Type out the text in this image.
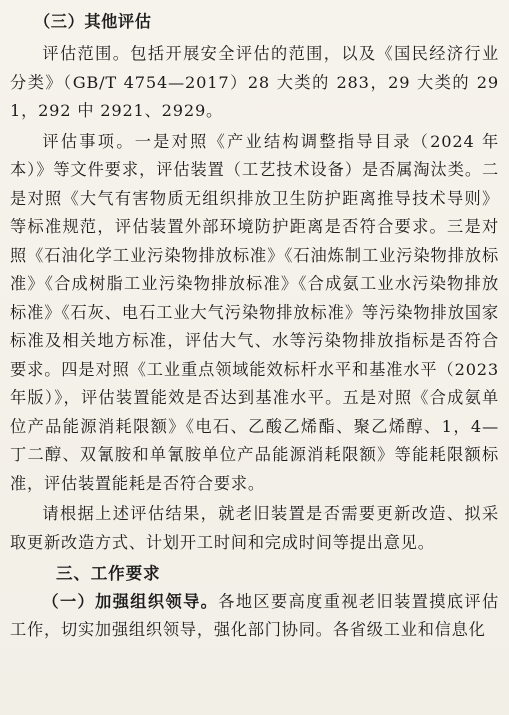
（三）其他评估

评估范围。包括开展安全评估的范围，以及《国民经济行业分类》（GB/T 4754—2017）28 大类的 283，29 大类的 291，292 中 2921、2929。

评估事项。一是对照《产业结构调整指导目录（2024 年本）》等文件要求，评估装置（工艺技术设备）是否属淘汰类。二是对照《大气有害物质无组织排放卫生防护距离推导技术导则》等标准规范，评估装置外部环境防护距离是否符合要求。三是对照《石油化学工业污染物排放标准》《石油炼制工业污染物排放标准》《合成树脂工业污染物排放标准》《合成氨工业水污染物排放标准》《石灰、电石工业大气污染物排放标准》等污染物排放国家标准及相关地方标准，评估大气、水等污染物排放指标是否符合要求。四是对照《工业重点领域能效标杆水平和基准水平（2023 年版）》，评估装置能效是否达到基准水平。五是对照《合成氨单位产品能源消耗限额》《电石、乙酸乙烯酯、聚乙烯醇、1，4—丁二醇、双氰胺和单氰胺单位产品能源消耗限额》等能耗限额标准，评估装置能耗是否符合要求。

请根据上述评估结果，就老旧装置是否需要更新改造、拟采取更新改造方式、计划开工时间和完成时间等提出意见。

三、工作要求

（一）加强组织领导。各地区要高度重视老旧装置摸底评估工作，切实加强组织领导，强化部门协同。各省级工业和信息化
